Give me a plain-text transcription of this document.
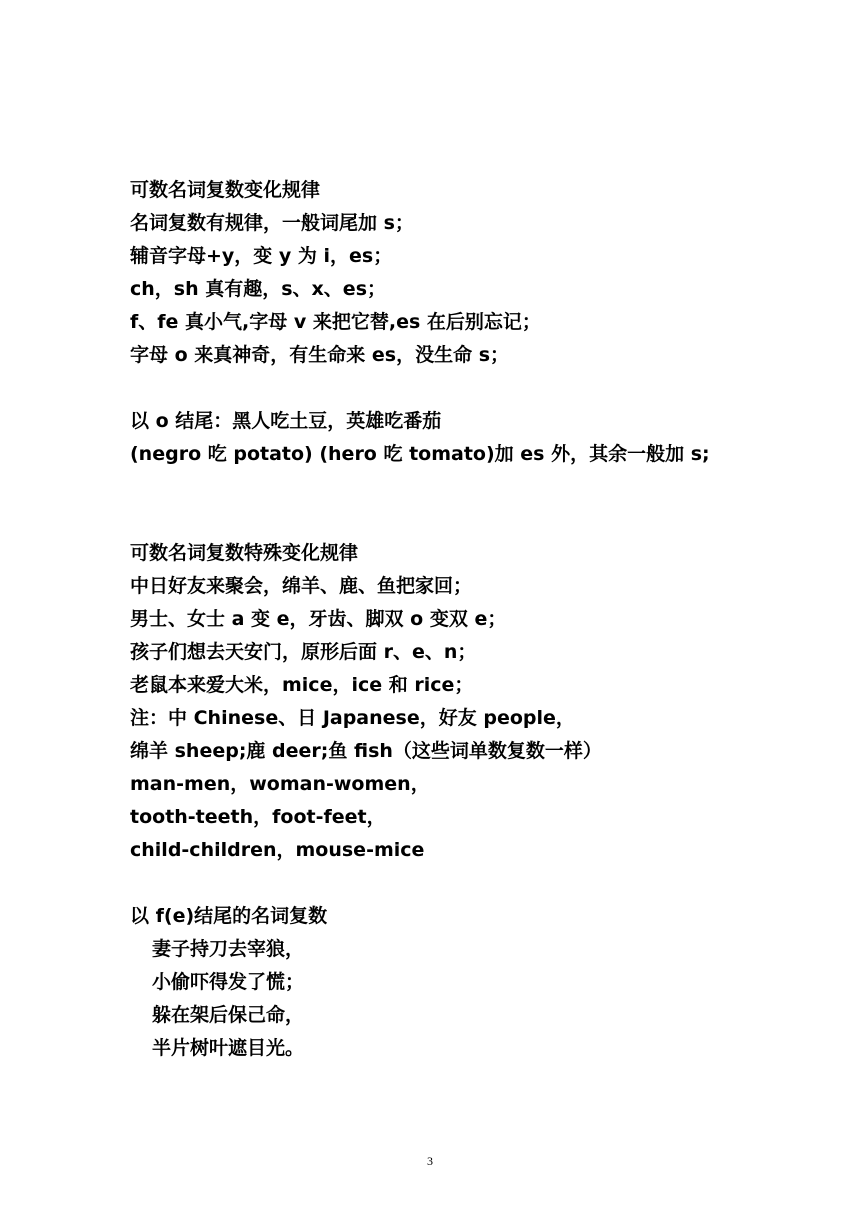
可数名词复数变化规律
名词复数有规律，一般词尾加 s；
辅音字母+y，变 y 为 i，es；
ch，sh 真有趣，s、x、es；
f、fe 真小气,字母 v 来把它替,es 在后别忘记；
字母 o 来真神奇，有生命来 es，没生命 s；
以 o 结尾：黑人吃土豆，英雄吃番茄
(negro 吃 potato) (hero 吃 tomato)加 es 外，其余一般加 s;
可数名词复数特殊变化规律
中日好友来聚会，绵羊、鹿、鱼把家回；
男士、女士 a 变 e，牙齿、脚双 o 变双 e；
孩子们想去天安门，原形后面 r、e、n；
老鼠本来爱大米，mice，ice 和 rice；
注：中 Chinese、日 Japanese，好友 people，
绵羊 sheep;鹿 deer;鱼 fish（这些词单数复数一样）
man-men，woman-women，
tooth-teeth，foot-feet，
child-children，mouse-mice
以 f(e)结尾的名词复数
妻子持刀去宰狼，
小偷吓得发了慌；
躲在架后保己命，
半片树叶遮目光。
3
